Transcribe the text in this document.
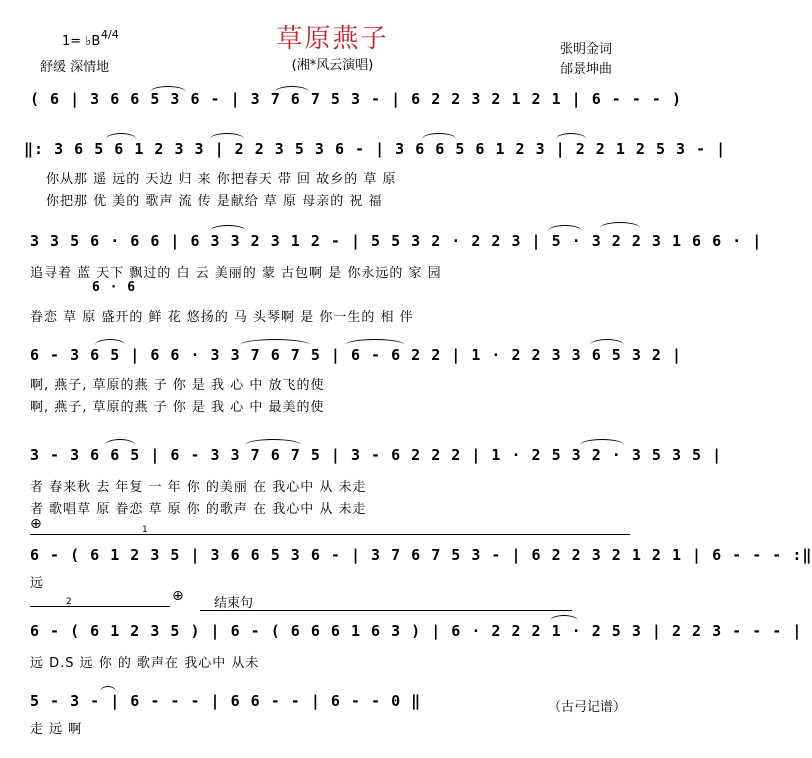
草原燕子
1= ♭B 4/4
舒缓 深情地	(湘*风云演唱)
张明金词
邰景坤曲
( 6 | 3 6 6 5 3 6 - | 3 7 6 7 5 3 - | 6 2 2 3 2 1 2 1 | 6 - - - )
‖: 3 6 5 6 1 2 3 3 | 2 2 3 5 3 6 - | 3 6 6 5 6 1 2 3 | 2 2 1 2 5 3 - |
你从那 遥 远的 天边 归 来 你把春天 带 回 故乡的 草 原
你把那 优 美的 歌声 流 传 是献给 草 原 母亲的 祝 福
3 3 5 6 · 6 6 | 6 3 3 2 3 1 2 - | 5 5 3 2 · 2 2 3 | 5 · 3 2 2 3 1 6 6 · |
追寻着 蓝 天下 飘过的 白 云 美丽的 蒙 古包啊 是 你永远的 家 园
6 · 6
眷恋 草 原 盛开的 鲜 花 悠扬的 马 头琴啊 是 你一生的 相 伴
6 - 3 6 5 | 6 6 · 3 3 7 6 7 5 | 6 - 6 2 2 | 1 · 2 2 3 3 6 5 3 2 |
啊, 燕子, 草原的燕 子 你 是 我 心 中 放飞的使
啊, 燕子, 草原的燕 子 你 是 我 心 中 最美的使
3 - 3 6 6 5 | 6 - 3 3 7 6 7 5 | 3 - 6 2 2 2 | 1 · 2 5 3 2 · 3 5 3 5 |
者 春来秋 去 年复 一 年 你 的美丽 在 我心中 从 未走
者 歌唱草 原 眷恋 草 原 你 的歌声 在 我心中 从 未走
⊕	1
6 - ( 6 1 2 3 5 | 3 6 6 5 3 6 - | 3 7 6 7 5 3 - | 6 2 2 3 2 1 2 1 | 6 - - - :‖
远
2	⊕ 结束句
6 - ( 6 1 2 3 5 ) | 6 - ( 6 6 6 1 6 3 ) | 6 · 2 2 2 1 · 2 5 3 | 2 2 3 - - - |
远 D.S 远 你 的 歌声在 我心中 从未
5 - 3 - | 6 - - - | 6 6 - - | 6 - - 0 ‖
走 远 啊
（古弓记谱）
